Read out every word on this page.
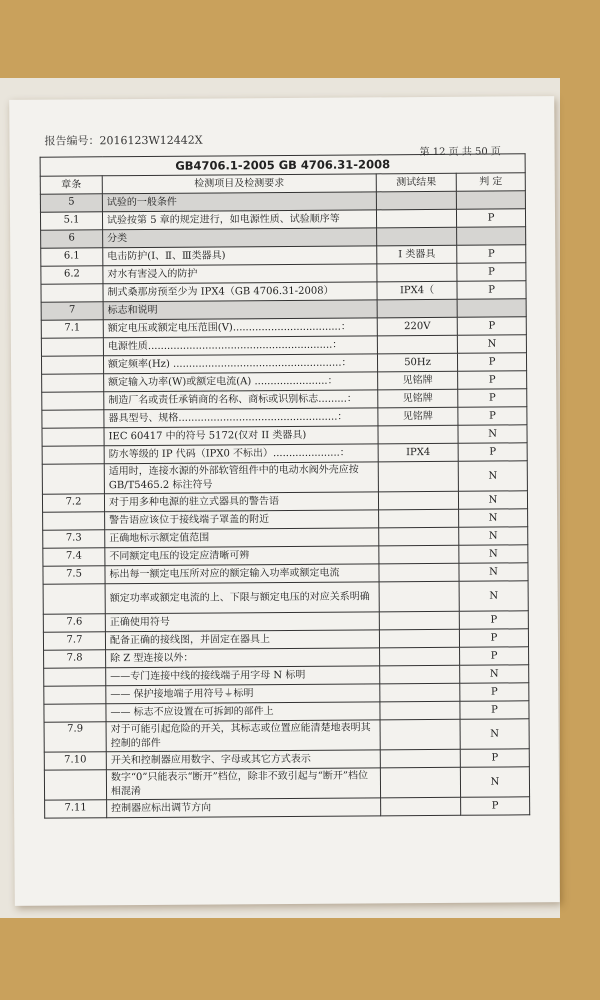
报告编号：2016123W12442X
第 12 页 共 50 页
GB4706.1-2005 GB 4706.31-2008			
章条	检测项目及检测要求	测试结果	判 定
5	试验的一般条件		
5.1	试验按第 5 章的规定进行，如电源性质、试验顺序等		P
6	分类		
6.1	电击防护(Ⅰ、Ⅱ、Ⅲ类器具)	I 类器具	P
6.2	对水有害浸入的防护		P
	制式桑那房预至少为 IPX4（GB 4706.31-2008）	IPX4（	P
7	标志和说明		
7.1	额定电压或额定电压范围(V)..................................：	220V	P
	电源性质..........................................................：		N
	额定频率(Hz) .....................................................：	50Hz	P
	额定输入功率(W)或额定电流(A) .......................：	见铭牌	P
	制造厂名或责任承销商的名称、商标或识别标志.........：	见铭牌	P
	器具型号、规格..................................................：	见铭牌	P
	IEC 60417 中的符号 5172(仅对 II 类器具)		N
	防水等级的 IP 代码（IPX0 不标出）.....................：	IPX4	P
	适用时，连接水源的外部软管组件中的电动水阀外壳应按 GB/T5465.2 标注符号		N
7.2	对于用多种电源的驻立式器具的警告语		N
	警告语应该位于接线端子罩盖的附近		N
7.3	正确地标示额定值范围		N
7.4	不同额定电压的设定应清晰可辨		N
7.5	标出每一额定电压所对应的额定输入功率或额定电流		N
	额定功率或额定电流的上、下限与额定电压的对应关系明确		N
7.6	正确使用符号		P
7.7	配备正确的接线图，并固定在器具上		P
7.8	除 Z 型连接以外：		P
	——专门连接中线的接线端子用字母 N 标明		N
	—— 保护接地端子用符号⏚标明		P
	—— 标志不应设置在可拆卸的部件上		P
7.9	对于可能引起危险的开关，其标志或位置应能清楚地表明其控制的部件		N
7.10	开关和控制器应用数字、字母或其它方式表示		P
	数字“0”只能表示“断开”档位，除非不致引起与“断开”档位相混淆		N
7.11	控制器应标出调节方向		P
